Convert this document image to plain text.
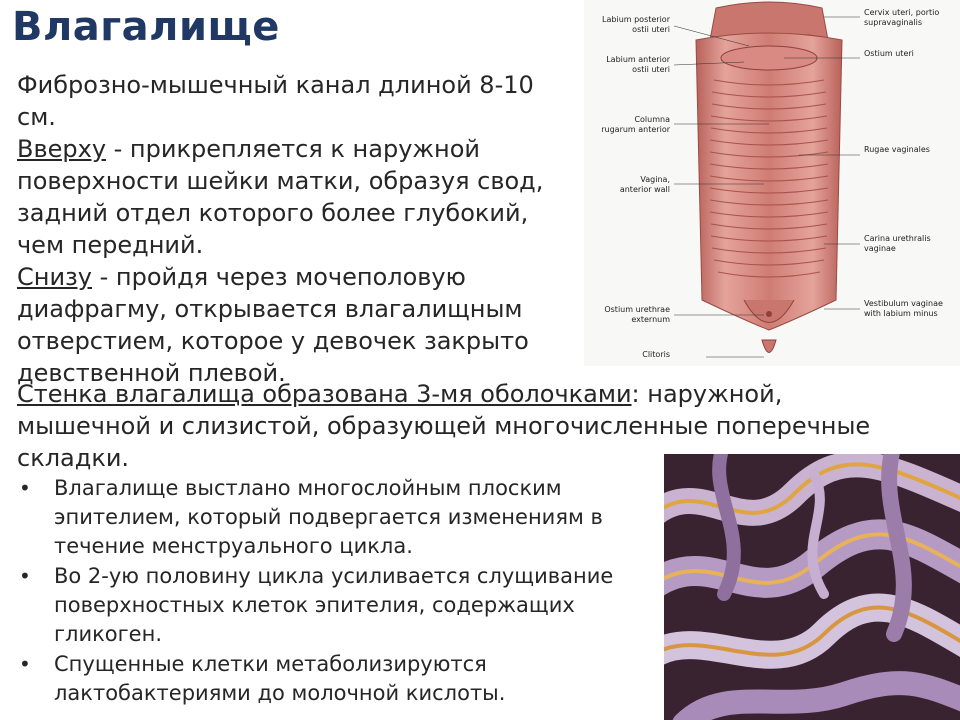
Влагалище

Фиброзно-мышечный канал длиной 8-10 см.

Вверху - прикрепляется к наружной поверхности шейки матки, образуя свод, задний отдел которого более глубокий, чем передний.

Снизу - пройдя через мочеполовую диафрагму, открывается влагалищным отверстием, которое у девочек закрыто девственной плевой.

Labium posterior
ostii uteri
Labium anterior
ostii uteri
Columna
rugarum anterior
Vagina,
anterior wall
Ostium urethrae
externum
Clitoris
Cervix uteri, portio
supravaginalis
Ostium uteri
Rugae vaginales
Carina urethralis
vaginae
Vestibulum vaginae
with labium minus

Стенка влагалища образована 3-мя оболочками: наружной, мышечной и слизистой, образующей многочисленные поперечные складки.

• Влагалище выстлано многослойным плоским эпителием, который подвергается изменениям в течение менструального цикла.
• Во 2-ую половину цикла усиливается слущивание поверхностных клеток эпителия, содержащих гликоген.
• Спущенные клетки метаболизируются лактобактериями до молочной кислоты.
